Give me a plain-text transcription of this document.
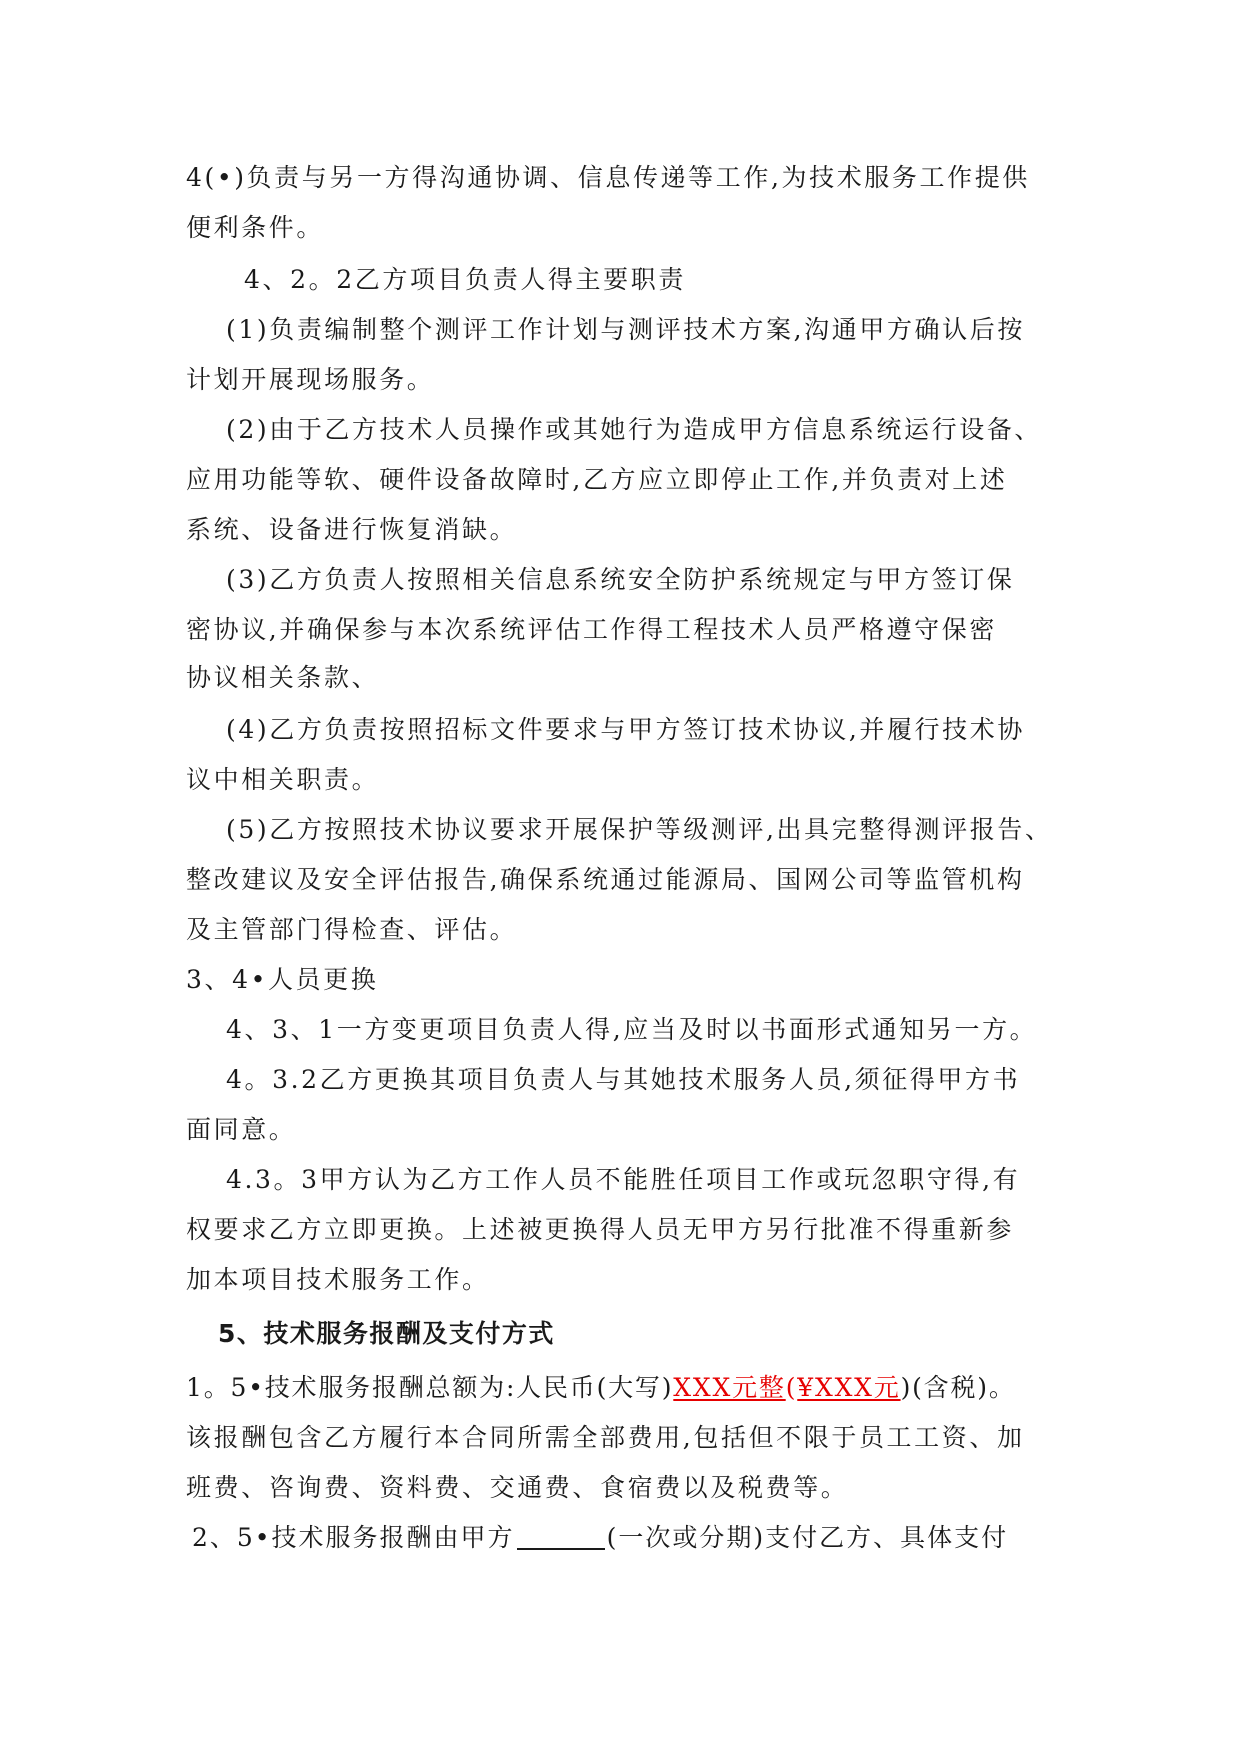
4(•)负责与另一方得沟通协调、信息传递等工作,为技术服务工作提供
便利条件。
4、2。2乙方项目负责人得主要职责
(1)负责编制整个测评工作计划与测评技术方案,沟通甲方确认后按
计划开展现场服务。
(2)由于乙方技术人员操作或其她行为造成甲方信息系统运行设备、
应用功能等软、硬件设备故障时,乙方应立即停止工作,并负责对上述
系统、设备进行恢复消缺。
(3)乙方负责人按照相关信息系统安全防护系统规定与甲方签订保
密协议,并确保参与本次系统评估工作得工程技术人员严格遵守保密
协议相关条款、
(4)乙方负责按照招标文件要求与甲方签订技术协议,并履行技术协
议中相关职责。
(5)乙方按照技术协议要求开展保护等级测评,出具完整得测评报告、
整改建议及安全评估报告,确保系统通过能源局、国网公司等监管机构
及主管部门得检查、评估。
3、4•人员更换
4、3、1一方变更项目负责人得,应当及时以书面形式通知另一方。
4。3.2乙方更换其项目负责人与其她技术服务人员,须征得甲方书
面同意。
4.3。3甲方认为乙方工作人员不能胜任项目工作或玩忽职守得,有
权要求乙方立即更换。上述被更换得人员无甲方另行批准不得重新参
加本项目技术服务工作。
5、技术服务报酬及支付方式
1。5•技术服务报酬总额为:人民币(大写)XXX元整(¥XXX元)(含税)。
该报酬包含乙方履行本合同所需全部费用,包括但不限于员工工资、加
班费、咨询费、资料费、交通费、食宿费以及税费等。
2、5•技术服务报酬由甲方	(一次或分期)支付乙方、具体支付
